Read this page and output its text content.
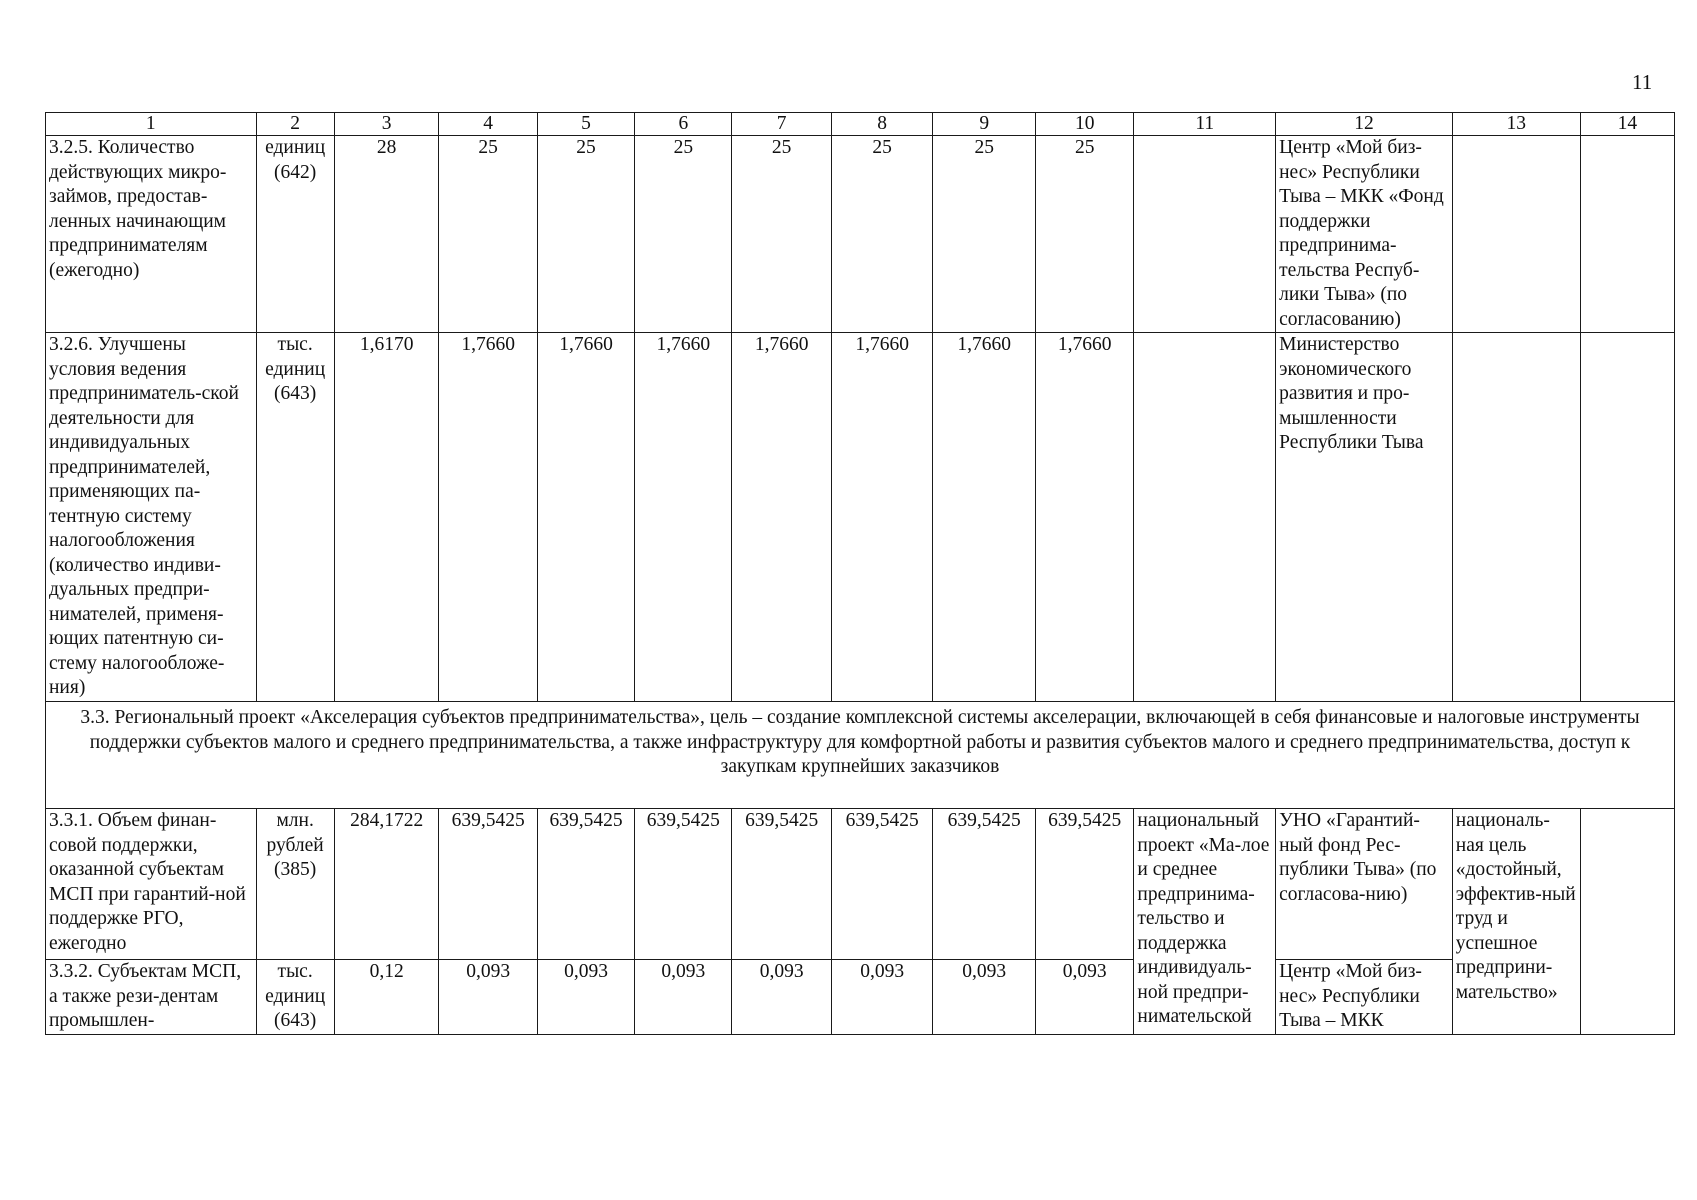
11
1	2	3	4	5	6	7	8	9	10	11	12	13	14
3.2.5. Количество действующих микро-займов, предостав-ленных начинающим предпринимателям (ежегодно)	единиц (642)	28	25	25	25	25	25	25	25		Центр «Мой биз-нес» Республики Тыва – МКК «Фонд поддержки предпринима-тельства Респуб-лики Тыва» (по согласованию)		
3.2.6. Улучшены условия ведения предприниматель-ской деятельности для индивидуальных предпринимателей, применяющих па-тентную систему налогообложения (количество индиви-дуальных предпри-нимателей, применя-ющих патентную си-стему налогообложе-ния)	тыс. единиц (643)	1,6170	1,7660	1,7660	1,7660	1,7660	1,7660	1,7660	1,7660		Министерство экономического развития и про-мышленности Республики Тыва		
3.3. Региональный проект «Акселерация субъектов предпринимательства», цель – создание комплексной системы акселерации, включающей в себя финансовые и налоговые инструменты поддержки субъектов малого и среднего предпринимательства, а также инфраструктуру для комфортной работы и развития субъектов малого и среднего предпринимательства, доступ к закупкам крупнейших заказчиков													
3.3.1. Объем финан-совой поддержки, оказанной субъектам МСП при гарантий-ной поддержке РГО, ежегодно	млн. рублей (385)	284,1722	639,5425	639,5425	639,5425	639,5425	639,5425	639,5425	639,5425	национальный проект «Ма-лое и среднее предпринима-тельство и поддержка индивидуаль-ной предпри-нимательской	УНО «Гарантий-ный фонд Рес-публики Тыва» (по согласова-нию)	националь-ная цель «достойный, эффектив-ный труд и успешное предприни-мательство»	
3.3.2. Субъектам МСП, а также рези-дентам промышлен-	тыс. единиц (643)	0,12	0,093	0,093	0,093	0,093	0,093	0,093	0,093		Центр «Мой биз-нес» Республики Тыва – МКК		
